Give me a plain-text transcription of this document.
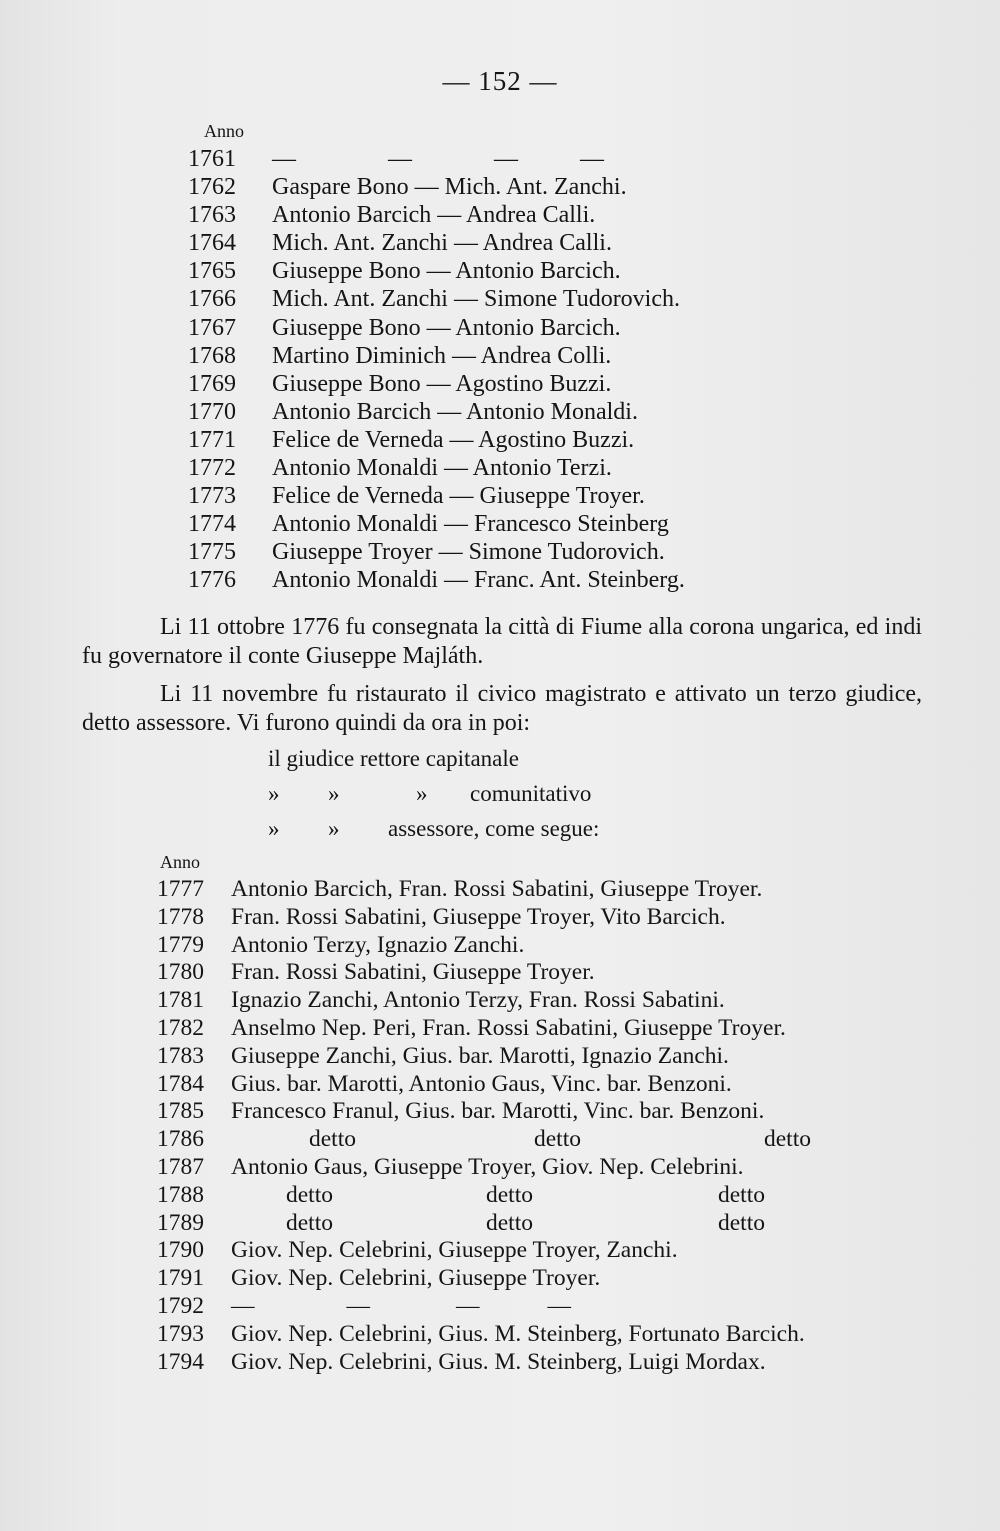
— 152 —
Anno
1761	—	—	—	—
1762	Gaspare Bono — Mich. Ant. Zanchi.
1763	Antonio Barcich — Andrea Calli.
1764	Mich. Ant. Zanchi — Andrea Calli.
1765	Giuseppe Bono — Antonio Barcich.
1766	Mich. Ant. Zanchi — Simone Tudorovich.
1767	Giuseppe Bono — Antonio Barcich.
1768	Martino Diminich — Andrea Colli.
1769	Giuseppe Bono — Agostino Buzzi.
1770	Antonio Barcich — Antonio Monaldi.
1771	Felice de Verneda — Agostino Buzzi.
1772	Antonio Monaldi — Antonio Terzi.
1773	Felice de Verneda — Giuseppe Troyer.
1774	Antonio Monaldi — Francesco Steinberg
1775	Giuseppe Troyer — Simone Tudorovich.
1776	Antonio Monaldi — Franc. Ant. Steinberg.
Li 11 ottobre 1776 fu consegnata la città di Fiume alla corona ungarica, ed indi fu governatore il conte Giuseppe Majláth.
Li 11 novembre fu ristaurato il civico magistrato e attivato un terzo giudice, detto assessore. Vi furono quindi da ora in poi:
il giudice rettore capitanale
»	»	»	comunitativo
»	»	assessore, come segue:
Anno
1777	Antonio Barcich, Fran. Rossi Sabatini, Giuseppe Troyer.
1778	Fran. Rossi Sabatini, Giuseppe Troyer, Vito Barcich.
1779	Antonio Terzy, Ignazio Zanchi.
1780	Fran. Rossi Sabatini, Giuseppe Troyer.
1781	Ignazio Zanchi, Antonio Terzy, Fran. Rossi Sabatini.
1782	Anselmo Nep. Peri, Fran. Rossi Sabatini, Giuseppe Troyer.
1783	Giuseppe Zanchi, Gius. bar. Marotti, Ignazio Zanchi.
1784	Gius. bar. Marotti, Antonio Gaus, Vinc. bar. Benzoni.
1785	Francesco Franul, Gius. bar. Marotti, Vinc. bar. Benzoni.
1786	detto	detto	detto
1787	Antonio Gaus, Giuseppe Troyer, Giov. Nep. Celebrini.
1788	detto	detto	detto
1789	detto	detto	detto
1790	Giov. Nep. Celebrini, Giuseppe Troyer, Zanchi.
1791	Giov. Nep. Celebrini, Giuseppe Troyer.
1792	—	—	—	—
1793	Giov. Nep. Celebrini, Gius. M. Steinberg, Fortunato Barcich.
1794	Giov. Nep. Celebrini, Gius. M. Steinberg, Luigi Mordax.
